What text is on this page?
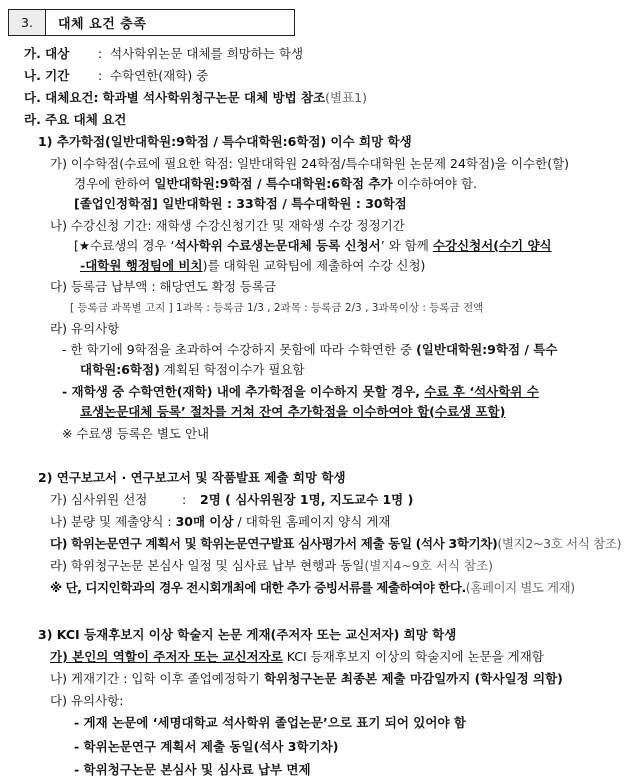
3.	대체 요건 충족
가. 대상 : 석사학위논문 대체를 희망하는 학생
나. 기간 : 수학연한(재학) 중
다. 대체요건: 학과별 석사학위청구논문 대체 방법 참조(별표1)
라. 주요 대체 요건
1) 추가학점(일반대학원:9학점 / 특수대학원:6학점) 이수 희망 학생
가) 이수학점(수료에 필요한 학점: 일반대학원 24학점/특수대학원 논문제 24학점)을 이수한(할)
경우에 한하여 일반대학원:9학점 / 특수대학원:6학점 추가 이수하여야 함.
[졸업인정학점] 일반대학원 : 33학점 / 특수대학원 : 30학점
나) 수강신청 기간: 재학생 수강신청기간 및 재학생 수강 정정기간
[★수료생의 경우 ‘석사학위 수료생논문대체 등록 신청서’ 와 함께 수강신청서(수기 양식
-대학원 행정팀에 비치)를 대학원 교학팀에 제출하여 수강 신청)
다) 등록금 납부액 : 해당연도 확정 등록금
[ 등록금 과목별 고지 ] 1과목 : 등록금 1/3 , 2과목 : 등록금 2/3 , 3과목이상 : 등록금 전액
라) 유의사항
- 한 학기에 9학점을 초과하여 수강하지 못함에 따라 수학연한 중 (일반대학원:9학점 / 특수
대학원:6학점) 계획된 학점이수가 필요함
- 재학생 중 수학연한(재학) 내에 추가학점을 이수하지 못할 경우, 수료 후 ‘석사학위 수
료생논문대체 등록’ 절차를 거쳐 잔여 추가학점을 이수하여야 함(수료생 포함)
※ 수료생 등록은 별도 안내
2) 연구보고서 · 연구보고서 및 작품발표 제출 희망 학생
가) 심사위원 선정	: 2명 ( 심사위원장 1명, 지도교수 1명 )
나) 분량 및 제출양식 : 30매 이상 / 대학원 홈페이지 양식 게재
다) 학위논문연구 계획서 및 학위논문연구발표 심사평가서 제출 동일 (석사 3학기차)(별지2~3호 서식 참조)
라) 학위청구논문 본심사 일정 및 심사료 납부 현행과 동일(별지4~9호 서식 참조)
※ 단, 디지인학과의 경우 전시회개최에 대한 추가 증빙서류를 제출하여야 한다.(홈페이지 별도 게재)
3) KCI 등재후보지 이상 학술지 논문 게재(주저자 또는 교신저자) 희망 학생
가) 본인의 역할이 주저자 또는 교신저자로 KCI 등재후보지 이상의 학술지에 논문을 게재함
나) 게재기간 : 입학 이후 졸업예정학기 학위청구논문 최종본 제출 마감일까지 (학사일정 의함)
다) 유의사항:
- 게재 논문에 ‘세명대학교 석사학위 졸업논문’으로 표기 되어 있어야 함
- 학위논문연구 계획서 제출 동일(석사 3학기차)
- 학위청구논문 본심사 및 심사료 납부 면제
